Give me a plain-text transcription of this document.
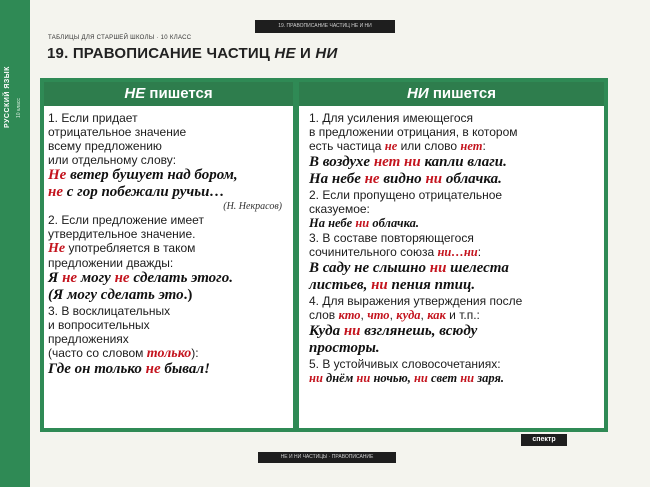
РУССКИЙ ЯЗЫК	10 класс
19. ПРАВОПИСАНИЕ ЧАСТИЦ НЕ И НИ
ТАБЛИЦЫ ДЛЯ СТАРШЕЙ ШКОЛЫ · 10 КЛАСС
19. ПРАВОПИСАНИЕ ЧАСТИЦ НЕ И НИ
НЕ пишется
1. Если придает
отрицательное значение
всему предложению
или отдельному слову:
Не ветер бушует над бором,
не с гор побежали ручьи…
(Н. Некрасов)
2. Если предложение имеет
утвердительное значение.
Не употребляется в таком
предложении дважды:
Я не могу не сделать этого.
(Я могу сделать это.)
3. В восклицательных
и вопросительных
предложениях
(часто со словом только):
Где он только не бывал!
НИ пишется
1. Для усиления имеющегося
в предложении отрицания, в котором
есть частица не или слово нет:
В воздухе нет ни капли влаги.
На небе не видно ни облачка.
2. Если пропущено отрицательное
сказуемое:
На небе ни облачка.
3. В составе повторяющегося
сочинительного союза ни…ни:
В саду не слышно ни шелеста
листьев, ни пения птиц.
4. Для выражения утверждения после
слов кто, что, куда, как и т.п.:
Куда ни взглянешь, всюду
просторы.
5. В устойчивых словосочетаниях:
ни днём ни ночью, ни свет ни заря.
спектр
НЕ И НИ ЧАСТИЦЫ · ПРАВОПИСАНИЕ
